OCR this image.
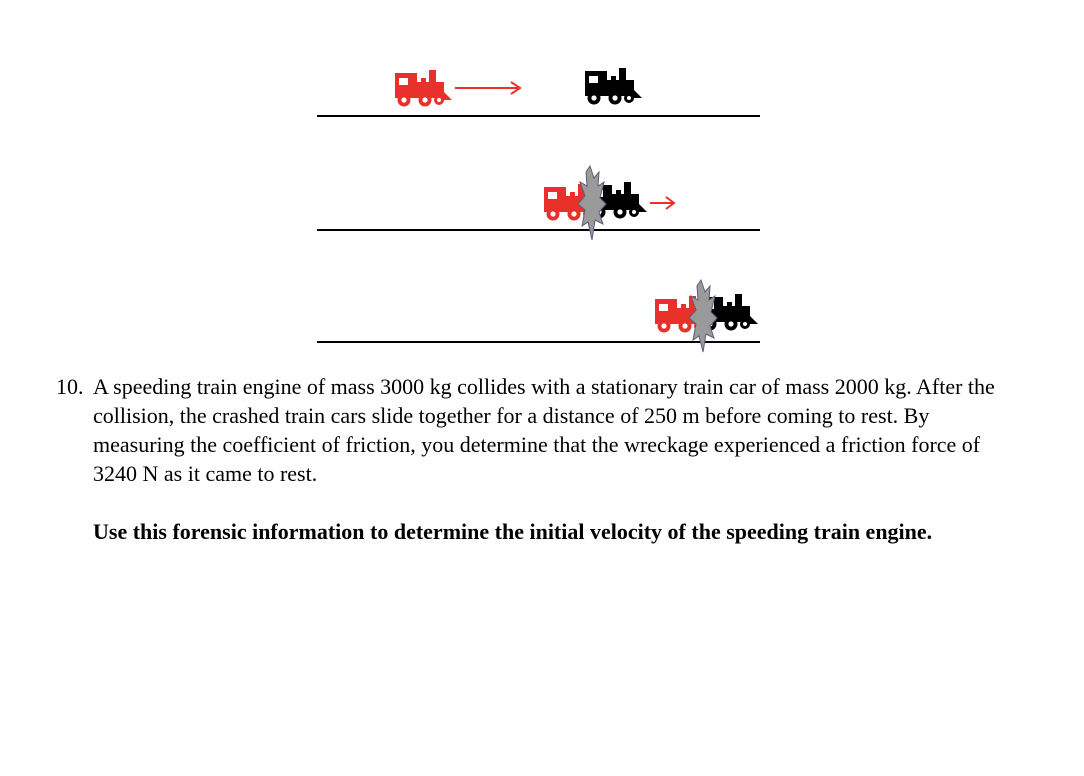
10. A speeding train engine of mass 3000 kg collides with a stationary train car of mass 2000 kg. After the collision, the crashed train cars slide together for a distance of 250 m before coming to rest. By measuring the coefficient of friction, you determine that the wreckage experienced a friction force of 3240 N as it came to rest.
Use this forensic information to determine the initial velocity of the speeding train engine.
